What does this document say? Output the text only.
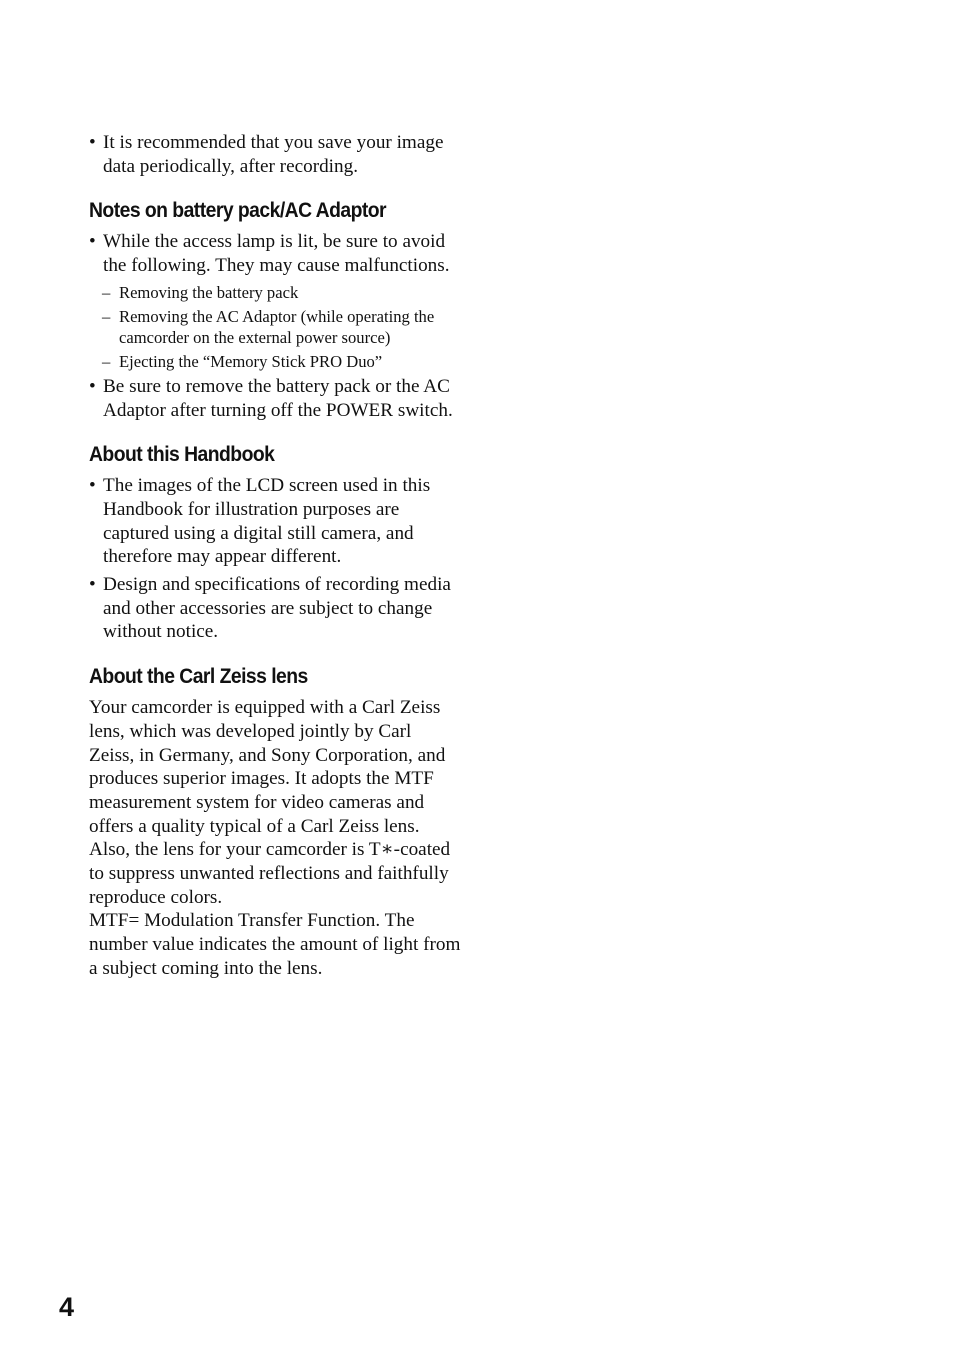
• It is recommended that you save your image data periodically, after recording.
Notes on battery pack/AC Adaptor
• While the access lamp is lit, be sure to avoid the following. They may cause malfunctions.
– Removing the battery pack
– Removing the AC Adaptor (while operating the camcorder on the external power source)
– Ejecting the “Memory Stick PRO Duo”
• Be sure to remove the battery pack or the AC Adaptor after turning off the POWER switch.
About this Handbook
• The images of the LCD screen used in this Handbook for illustration purposes are captured using a digital still camera, and therefore may appear different.
• Design and specifications of recording media and other accessories are subject to change without notice.
About the Carl Zeiss lens

Your camcorder is equipped with a Carl Zeiss lens, which was developed jointly by Carl Zeiss, in Germany, and Sony Corporation, and produces superior images. It adopts the MTF measurement system for video cameras and offers a quality typical of a Carl Zeiss lens. Also, the lens for your camcorder is T∗-coated to suppress unwanted reflections and faithfully reproduce colors.

MTF= Modulation Transfer Function. The number value indicates the amount of light from a subject coming into the lens.

4
